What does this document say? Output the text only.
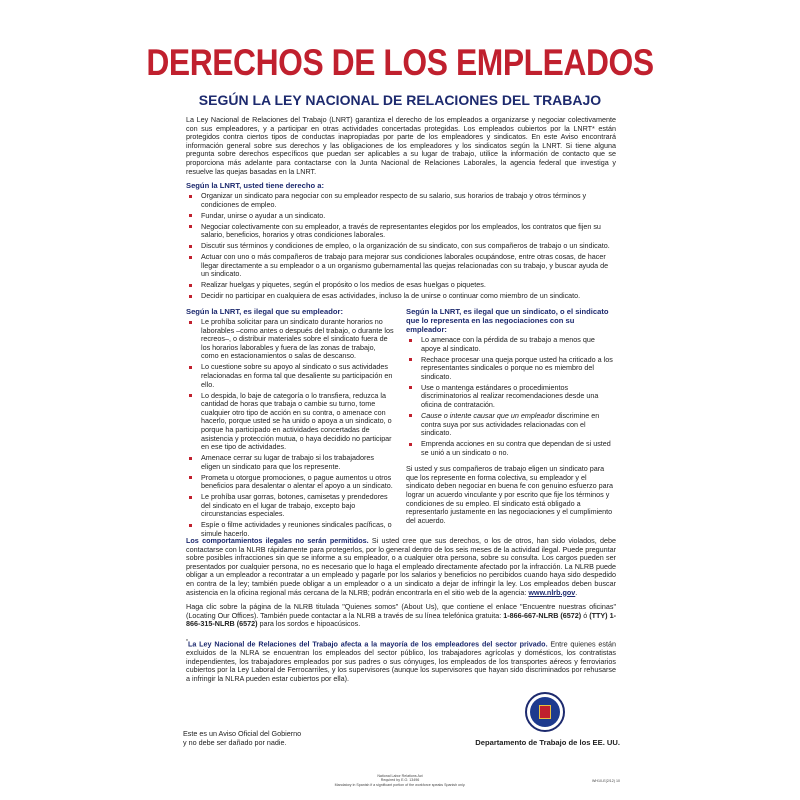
DERECHOS DE LOS EMPLEADOS
SEGÚN LA LEY NACIONAL DE RELACIONES DEL TRABAJO
La Ley Nacional de Relaciones del Trabajo (LNRT) garantiza el derecho de los empleados a organizarse y negociar colectivamente con sus empleadores, y a participar en otras actividades concertadas protegidas. Los empleados cubiertos por la LNRT* están protegidos contra ciertos tipos de conductas inapropiadas por parte de los empleadores y sindicatos. En este Aviso encontrará información general sobre sus derechos y las obligaciones de los empleadores y los sindicatos según la LNRT. Si tiene alguna pregunta sobre derechos específicos que puedan ser aplicables a su lugar de trabajo, utilice la información de contacto que se proporciona más adelante para contactarse con la Junta Nacional de Relaciones Laborales, la agencia federal que investiga y resuelve las quejas basadas en la LNRT.
Según la LNRT, usted tiene derecho a:
Organizar un sindicato para negociar con su empleador respecto de su salario, sus horarios de trabajo y otros términos y condiciones de empleo.
Fundar, unirse o ayudar a un sindicato.
Negociar colectivamente con su empleador, a través de representantes elegidos por los empleados, los contratos que fijen su salario, beneficios, horarios y otras condiciones laborales.
Discutir sus términos y condiciones de empleo, o la organización de su sindicato, con sus compañeros de trabajo o un sindicato.
Actuar con uno o más compañeros de trabajo para mejorar sus condiciones laborales ocupándose, entre otras cosas, de hacer llegar directamente a su empleador o a un organismo gubernamental las quejas relacionadas con su trabajo, y buscar ayuda de un sindicato.
Realizar huelgas y piquetes, según el propósito o los medios de esas huelgas o piquetes.
Decidir no participar en cualquiera de esas actividades, incluso la de unirse o continuar como miembro de un sindicato.
Según la LNRT, es ilegal que su empleador:
Le prohíba solicitar para un sindicato durante horarios no laborables –como antes o después del trabajo, o durante los recreos–, o distribuir materiales sobre el sindicato fuera de los horarios laborables y fuera de las zonas de trabajo, como en estacionamientos o salas de descanso.
Lo cuestione sobre su apoyo al sindicato o sus actividades relacionadas en forma tal que desaliente su participación en ello.
Lo despida, lo baje de categoría o lo transfiera, reduzca la cantidad de horas que trabaja o cambie su turno, tome cualquier otro tipo de acción en su contra, o amenace con hacerlo, porque usted se ha unido o apoya a un sindicato, o porque ha participado en actividades concertadas de asistencia y protección mutua, o haya decidido no participar en ese tipo de actividades.
Amenace cerrar su lugar de trabajo si los trabajadores eligen un sindicato para que los represente.
Prometa u otorgue promociones, o pague aumentos u otros beneficios para desalentar o alentar el apoyo a un sindicato.
Le prohíba usar gorras, botones, camisetas y prendedores del sindicato en el lugar de trabajo, excepto bajo circunstancias especiales.
Espíe o filme actividades y reuniones sindicales pacíficas, o simule hacerlo.
Según la LNRT, es ilegal que un sindicato, o el sindicato que lo representa en las negociaciones con su empleador:
Lo amenace con la pérdida de su trabajo a menos que apoye al sindicato.
Rechace procesar una queja porque usted ha criticado a los representantes sindicales o porque no es miembro del sindicato.
Use o mantenga estándares o procedimientos discriminatorios al realizar recomendaciones desde una oficina de contratación.
Cause o intente causar que un empleador discrimine en contra suya por sus actividades relacionadas con el sindicato.
Emprenda acciones en su contra que dependan de si usted se unió a un sindicato o no.
Si usted y sus compañeros de trabajo eligen un sindicato para que los represente en forma colectiva, su empleador y el sindicato deben negociar en buena fe con genuino esfuerzo para lograr un acuerdo vinculante y por escrito que fije los términos y condiciones de su empleo. El sindicato está obligado a representarlo justamente en las negociaciones y el cumplimiento del acuerdo.
Los comportamientos ilegales no serán permitidos. Si usted cree que sus derechos, o los de otros, han sido violados, debe contactarse con la NLRB rápidamente para protegerlos, por lo general dentro de los seis meses de la actividad ilegal. Puede preguntar sobre posibles infracciones sin que se informe a su empleador, o a cualquier otra persona, sobre su consulta. Los cargos pueden ser presentados por cualquier persona, no es necesario que lo haga el empleado directamente afectado por la infracción. La NLRB puede obligar a un empleador a recontratar a un empleado y pagarle por los salarios y beneficios no percibidos cuando haya sido despedido en contra de la ley; también puede obligar a un empleador o a un sindicato a dejar de infringir la ley. Los empleados deben buscar asistencia en la oficina regional más cercana de la NLRB; podrán encontrarla en el sitio web de la agencia: www.nlrb.gov.
Haga clic sobre la página de la NLRB titulada "Quienes somos" (About Us), que contiene el enlace "Encuentre nuestras oficinas" (Locating Our Offices). También puede contactar a la NLRB a través de su línea telefónica gratuita: 1-866-667-NLRB (6572) ó (TTY) 1-866-315-NLRB (6572) para los sordos e hipoacúsicos.
*La Ley Nacional de Relaciones del Trabajo afecta a la mayoría de los empleadores del sector privado. Entre quienes están excluidos de la NLRA se encuentran los empleados del sector público, los trabajadores agrícolas y domésticos, los contratistas independientes, los trabajadores empleados por sus padres o sus cónyuges, los empleados de los transportes aéreos y ferroviarios cubiertos por la Ley Laboral de Ferrocarriles, y los supervisores (aunque los supervisores que hayan sido discriminados por rehusarse a infringir la NLRA pueden estar cubiertos por ella).
Este es un Aviso Oficial del Gobierno
y no debe ser dañado por nadie.	Departamento de Trabajo de los EE. UU.
National Labor Relations Act
Required by E.O. 13496
Mandatory in Spanish if a significant portion of the workforce speaks Spanish only.
WH10-E(2/12) 10
